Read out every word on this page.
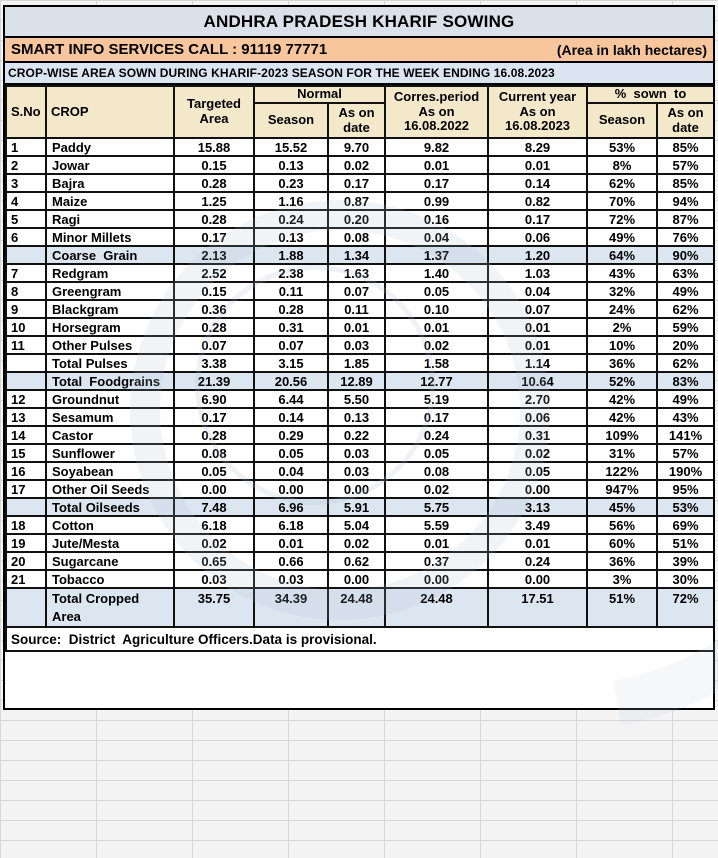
ANDHRA PRADESH KHARIF SOWING
SMART INFO SERVICES CALL : 91119 77771	(Area in lakh hectares)
CROP-WISE AREA SOWN DURING KHARIF-2023 SEASON FOR THE WEEK ENDING 16.08.2023
S.No	CROP	Targeted Area	Normal		Corres.period As on 16.08.2022	Current year As on 16.08.2023	%  sown  to	
			Season	As on date			Season	As on date
1	Paddy	15.88	15.52	9.70	9.82	8.29	53%	85%
2	Jowar	0.15	0.13	0.02	0.01	0.01	8%	57%
3	Bajra	0.28	0.23	0.17	0.17	0.14	62%	85%
4	Maize	1.25	1.16	0.87	0.99	0.82	70%	94%
5	Ragi	0.28	0.24	0.20	0.16	0.17	72%	87%
6	Minor Millets	0.17	0.13	0.08	0.04	0.06	49%	76%
	Coarse  Grain	2.13	1.88	1.34	1.37	1.20	64%	90%
7	Redgram	2.52	2.38	1.63	1.40	1.03	43%	63%
8	Greengram	0.15	0.11	0.07	0.05	0.04	32%	49%
9	Blackgram	0.36	0.28	0.11	0.10	0.07	24%	62%
10	Horsegram	0.28	0.31	0.01	0.01	0.01	2%	59%
11	Other Pulses	0.07	0.07	0.03	0.02	0.01	10%	20%
	Total Pulses	3.38	3.15	1.85	1.58	1.14	36%	62%
	Total  Foodgrains	21.39	20.56	12.89	12.77	10.64	52%	83%
12	Groundnut	6.90	6.44	5.50	5.19	2.70	42%	49%
13	Sesamum	0.17	0.14	0.13	0.17	0.06	42%	43%
14	Castor	0.28	0.29	0.22	0.24	0.31	109%	141%
15	Sunflower	0.08	0.05	0.03	0.05	0.02	31%	57%
16	Soyabean	0.05	0.04	0.03	0.08	0.05	122%	190%
17	Other Oil Seeds	0.00	0.00	0.00	0.02	0.00	947%	95%
	Total Oilseeds	7.48	6.96	5.91	5.75	3.13	45%	53%
18	Cotton	6.18	6.18	5.04	5.59	3.49	56%	69%
19	Jute/Mesta	0.02	0.01	0.02	0.01	0.01	60%	51%
20	Sugarcane	0.65	0.66	0.62	0.37	0.24	36%	39%
21	Tobacco	0.03	0.03	0.00	0.00	0.00	3%	30%
	Total Cropped Area	35.75	34.39	24.48	24.48	17.51	51%	72%
Source:  District  Agriculture Officers.Data is provisional.								
